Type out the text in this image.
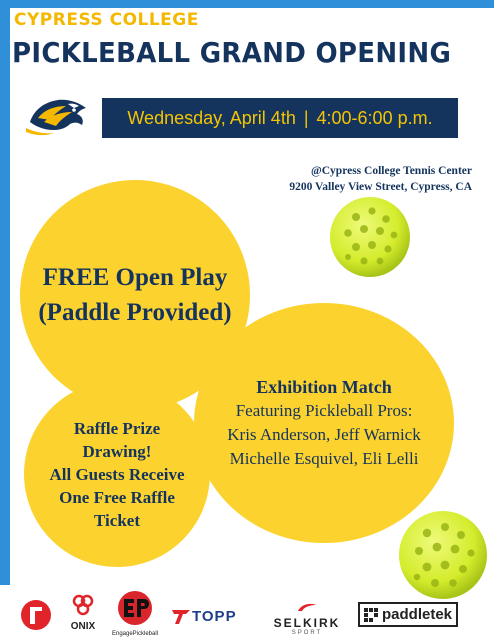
CYPRESS COLLEGE
PICKLEBALL GRAND OPENING
Wednesday, April 4th | 4:00-6:00 p.m.
@Cypress College Tennis Center
9200 Valley View Street, Cypress, CA
FREE Open Play
(Paddle Provided)
Exhibition Match
Featuring Pickleball Pros:
Kris Anderson, Jeff Warnick
Michelle Esquivel, Eli Lelli
Raffle Prize
Drawing!
All Guests Receive
One Free Raffle
Ticket
ONIX
EngagePickleball
TOPP	SELKIRK
SPORT
paddletek
